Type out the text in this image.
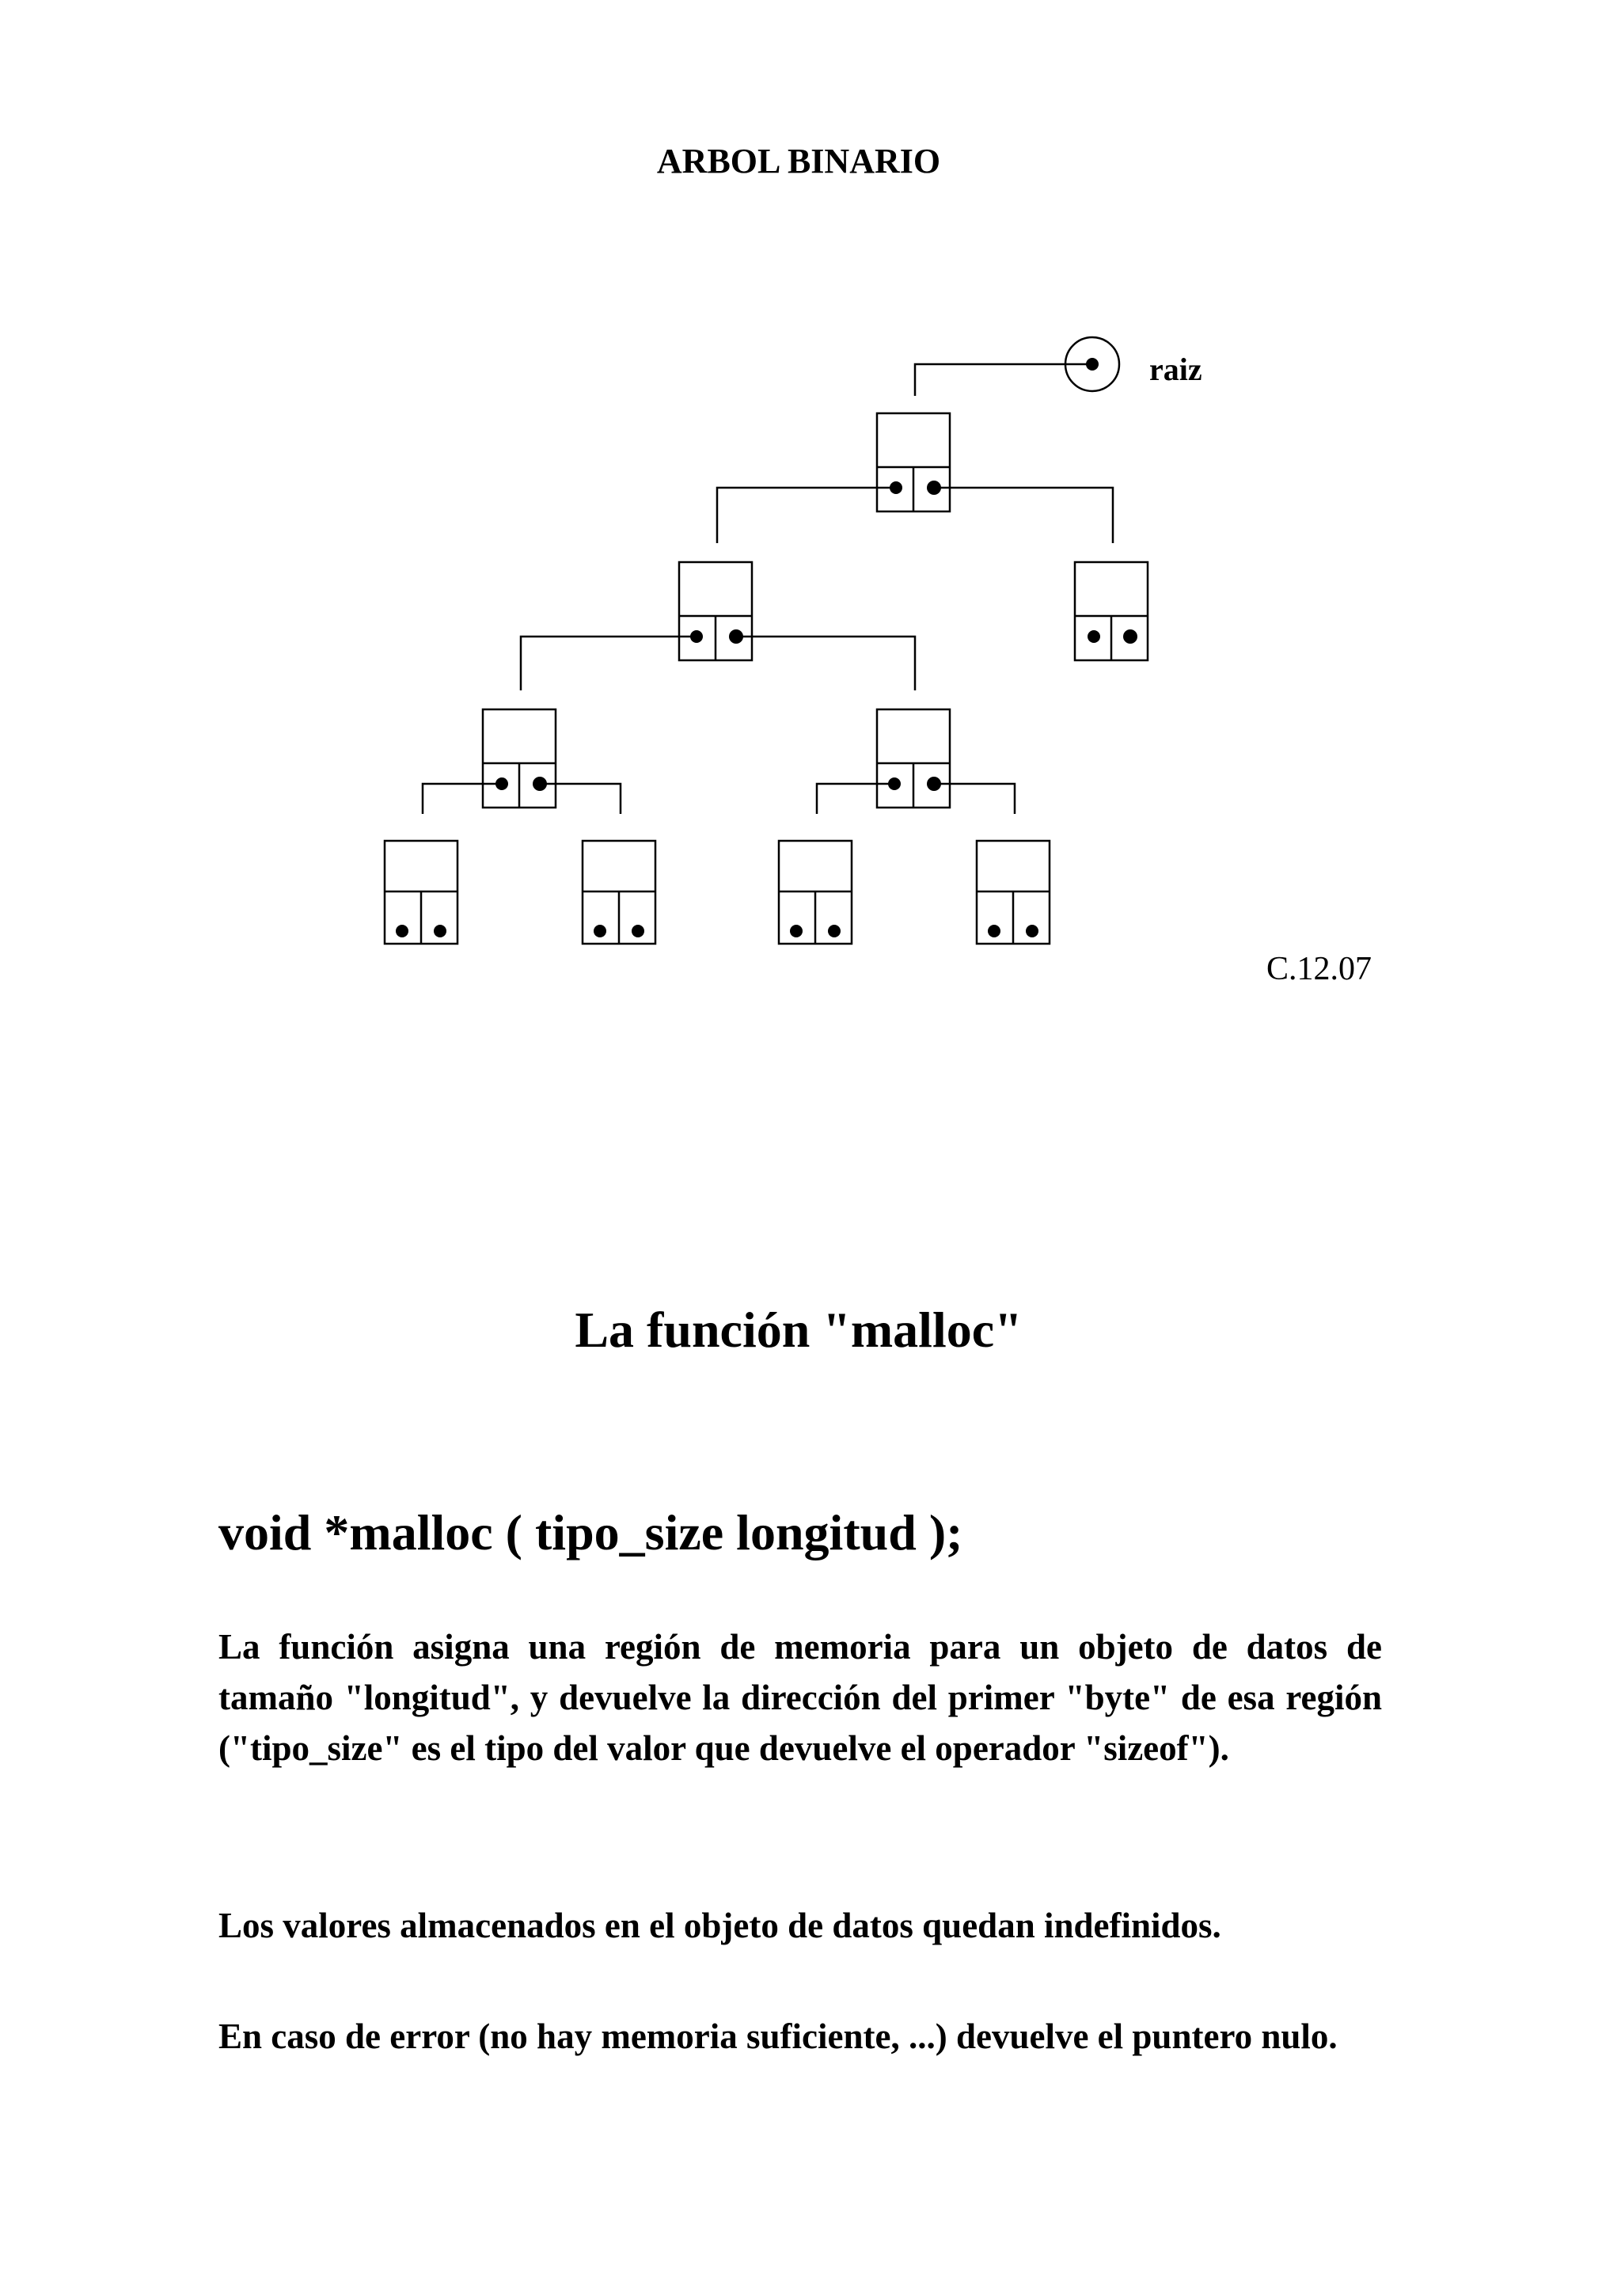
ARBOL BINARIO
raiz
C.12.07
La función "malloc"
void *malloc ( tipo_size longitud );

La función asigna una región de memoria para un objeto de datos de tamaño "longitud", y devuelve la dirección del primer "byte" de esa región ("tipo_size" es el tipo del valor que devuelve el operador "sizeof").

Los valores almacenados en el objeto de datos quedan indefinidos.

En caso de error (no hay memoria suficiente, ...) devuelve el puntero nulo.
